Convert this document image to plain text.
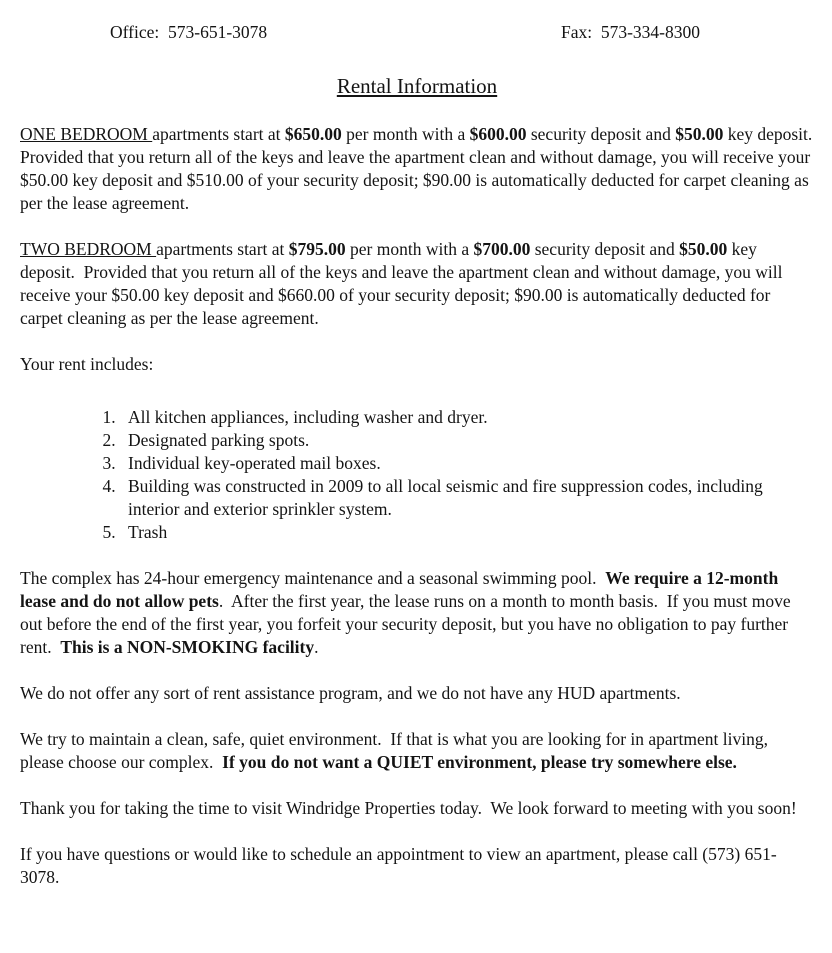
Office:  573-651-3078	Fax:  573-334-8300
Rental Information

ONE BEDROOM apartments start at $650.00 per month with a $600.00 security deposit and $50.00 key deposit.  Provided that you return all of the keys and leave the apartment clean and without damage, you will receive your $50.00 key deposit and $510.00 of your security deposit; $90.00 is automatically deducted for carpet cleaning as per the lease agreement.

TWO BEDROOM apartments start at $795.00 per month with a $700.00 security deposit and $50.00 key deposit.  Provided that you return all of the keys and leave the apartment clean and without damage, you will receive your $50.00 key deposit and $660.00 of your security deposit; $90.00 is automatically deducted for carpet cleaning as per the lease agreement.

Your rent includes:

1. All kitchen appliances, including washer and dryer.
2. Designated parking spots.
3. Individual key-operated mail boxes.
4. Building was constructed in 2009 to all local seismic and fire suppression codes, including interior and exterior sprinkler system.
5. Trash

The complex has 24-hour emergency maintenance and a seasonal swimming pool.  We require a 12-month lease and do not allow pets.  After the first year, the lease runs on a month to month basis.  If you must move out before the end of the first year, you forfeit your security deposit, but you have no obligation to pay further rent.  This is a NON-SMOKING facility.

We do not offer any sort of rent assistance program, and we do not have any HUD apartments.

We try to maintain a clean, safe, quiet environment.  If that is what you are looking for in apartment living, please choose our complex.  If you do not want a QUIET environment, please try somewhere else.

Thank you for taking the time to visit Windridge Properties today.  We look forward to meeting with you soon!

If you have questions or would like to schedule an appointment to view an apartment, please call (573) 651-3078.
